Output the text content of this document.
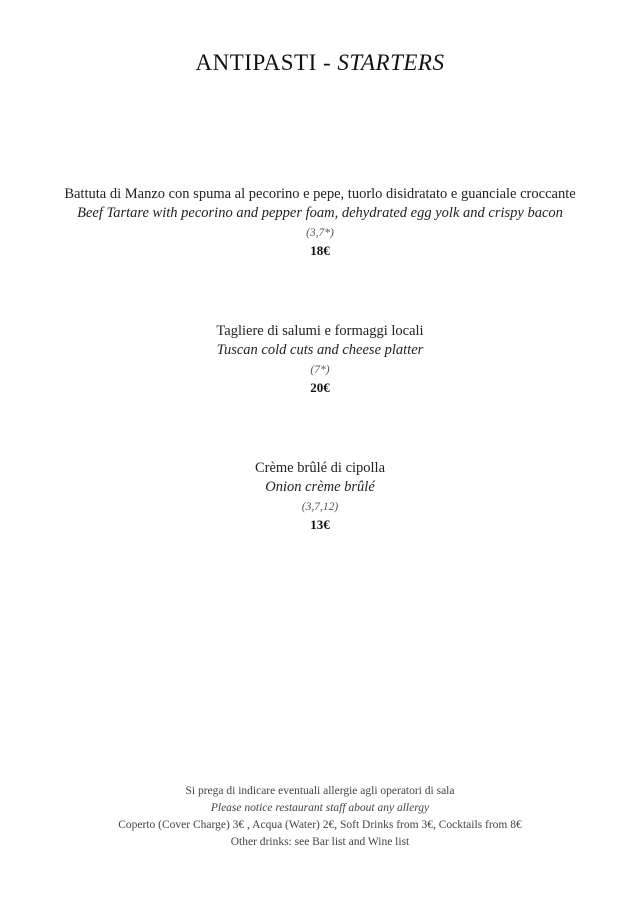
ANTIPASTI - STARTERS
Battuta di Manzo con spuma al pecorino e pepe, tuorlo disidratato e guanciale croccante
Beef Tartare with pecorino and pepper foam, dehydrated egg yolk and crispy bacon
(3,7*)
18€
Tagliere di salumi e formaggi locali
Tuscan cold cuts and cheese platter
(7*)
20€
Crème brûlé di cipolla
Onion crème brûlé
(3,7,12)
13€
Si prega di indicare eventuali allergie agli operatori di sala
Please notice restaurant staff about any allergy
Coperto (Cover Charge) 3€ , Acqua (Water) 2€, Soft Drinks from 3€, Cocktails from 8€
Other drinks: see Bar list and Wine list
